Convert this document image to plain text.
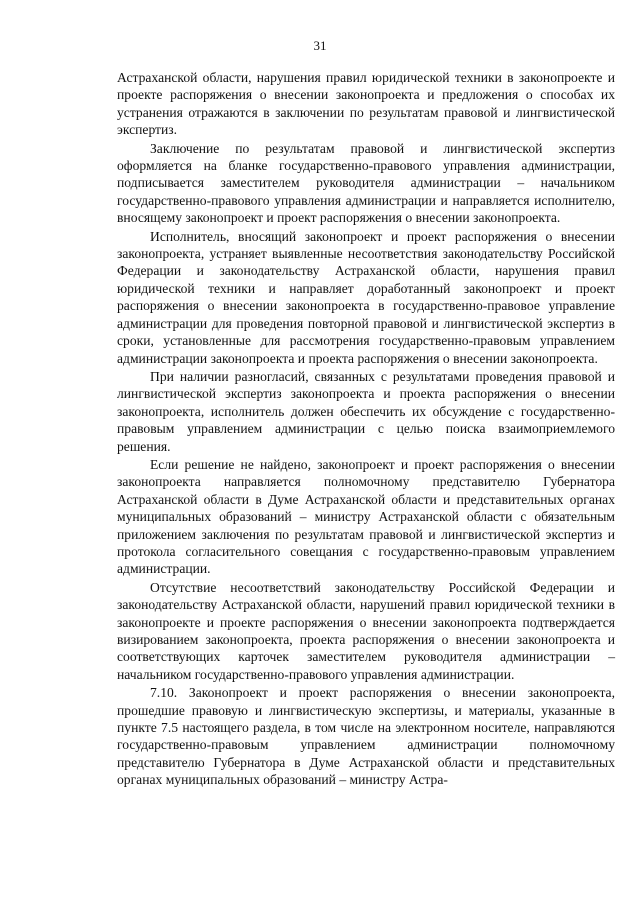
31

Астраханской области, нарушения правил юридической техники в законопроекте и проекте распоряжения о внесении законопроекта и предложения о способах их устранения отражаются в заключении по результатам правовой и лингвистической экспертиз.

Заключение по результатам правовой и лингвистической экспертиз оформляется на бланке государственно-правового управления администрации, подписывается заместителем руководителя администрации – начальником государственно-правового управления администрации и направляется исполнителю, вносящему законопроект и проект распоряжения о внесении законопроекта.

Исполнитель, вносящий законопроект и проект распоряжения о внесении законопроекта, устраняет выявленные несоответствия законодательству Российской Федерации и законодательству Астраханской области, нарушения правил юридической техники и направляет доработанный законопроект и проект распоряжения о внесении законопроекта в государственно-правовое управление администрации для проведения повторной правовой и лингвистической экспертиз в сроки, установленные для рассмотрения государственно-правовым управлением администрации законопроекта и проекта распоряжения о внесении законопроекта.

При наличии разногласий, связанных с результатами проведения правовой и лингвистической экспертиз законопроекта и проекта распоряжения о внесении законопроекта, исполнитель должен обеспечить их обсуждение с государственно-правовым управлением администрации с целью поиска взаимоприемлемого решения.

Если решение не найдено, законопроект и проект распоряжения о внесении законопроекта направляется полномочному представителю Губернатора Астраханской области в Думе Астраханской области и представительных органах муниципальных образований – министру Астраханской области с обязательным приложением заключения по результатам правовой и лингвистической экспертиз и протокола согласительного совещания с государственно-правовым управлением администрации.

Отсутствие несоответствий законодательству Российской Федерации и законодательству Астраханской области, нарушений правил юридической техники в законопроекте и проекте распоряжения о внесении законопроекта подтверждается визированием законопроекта, проекта распоряжения о внесении законопроекта и соответствующих карточек заместителем руководителя администрации – начальником государственно-правового управления администрации.

7.10. Законопроект и проект распоряжения о внесении законопроекта, прошедшие правовую и лингвистическую экспертизы, и материалы, указанные в пункте 7.5 настоящего раздела, в том числе на электронном носителе, направляются государственно-правовым управлением администрации полномочному представителю Губернатора в Думе Астраханской области и представительных органах муниципальных образований – министру Астра-
